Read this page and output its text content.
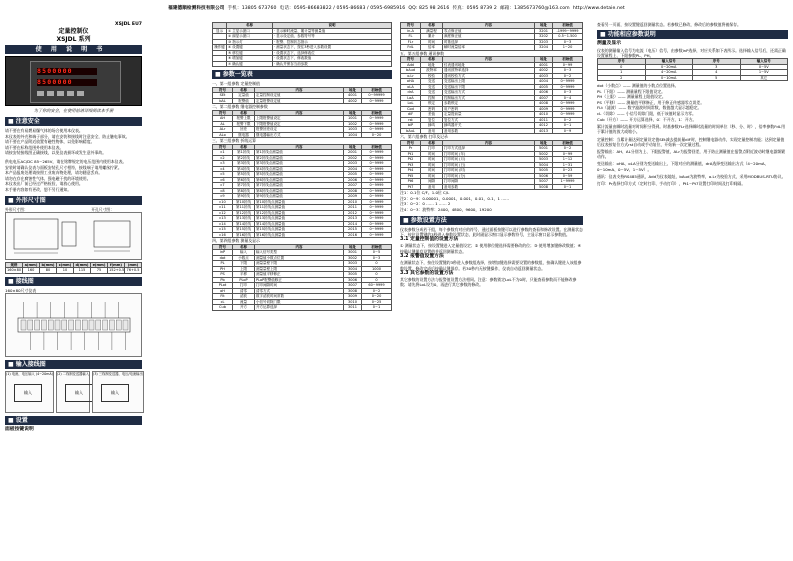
福建德顺检测科技有限公司 手机：13805 673760 电话：0595-86683822 / 0595-86683 / 0595-6985916 QQ: 825 98 2616 传真：0595 8739 2 邮箱：1385673760@163.com http://www.detaie.net
XSJDL EU7
定量控制仪
XSJDL 系列
使用说明书
8500000
8500000
为了你的安全，在使用前请详细阅读本手册
■ 注意安全
请不要在有易燃易爆气体的场合使用本仪表。
本仪表的外壳和端子部分，请在安装和接线时注意安全，防止触电事故。
请不要在产品附近放置有磁性物体，以免影响精度。
请不要在标称范围外使用本仪表。
请按安装接线图正确接线，以免仪表损坏或发生意外事故。
供电电压AC/DC 85~265V，请在铭牌规定的电压范围内使用本仪表。
安装时请确认仪表与面板安装孔尺寸相符，接线端子请用螺丝拧紧。
本产品报废处理请按照工业废弃物处理，请勿随意丢弃。
请勿在存在腐蚀性气体、强电磁干扰的环境使用。
本仪表出厂前已经过严格检验，请放心使用。
本手册内容如有更改，恕不另行通知。
■ 外形尺寸图
外形尺寸图：	开孔尺寸图：
规格	a(mm)	b(mm)	c(mm)	d(mm)	e(mm)	f(mm)	(mm)
160×80	160	80	10	115	75	152+0.5	76+0.5
■ 接线图
160×80尺寸仪表
■ 输入接线图
(1) 电流、电压输入 (4~20mA)
输入
(2) 二线制变送器输入
输入
(3) 三线制变送器，电压/电流输出
输入
■ 设置
面板按键说明
	名称	说明
显示	① 主显示窗口	· 显示瞬时流量、累计量等测量值
	② 副显示窗口	· 显示设定值、参数符号等
	③ 指示灯	· 报警、控制状态指示
操作键	④ 设置键	· 测量状态下，按住3秒进入参数设置
	⑤ 移位键	· 设置状态下，选择修改位
	⑥ 增加键	· 设置状态下，修改数值
	⑦ 确认键	· 确认并保存当前参数
■ 参数一览表
一、第一组参数 定量控制值
符号	名称	内容	地址	初始值
SEt	定量值	定量控制设定值	4001	0~99999
bAL	报警值	定量报警设定值	4002	0~9999
二、第二组参数 继电器控制参数
符号	名称	内容	地址	初始值
AH	报警上限	上限报警值设定	1001	0~9999
AL	报警下限	下限报警值设定	1002	0~9999
ALr	回差	报警回差设定	1003	0~9999
ALo	继电器	继电器输出方式	1004	0~20
三、第三组参数 折线运算
符号	名称	内容	地址	初始值
c1	第1折线	第1折线点测量值	2001	0~9999
c2	第2折线	第2折线点测量值	2002	0~9999
c3	第3折线	第3折线点测量值	2003	0~9999
c4	第4折线	第4折线点测量值	2004	0~9999
c5	第5折线	第5折线点测量值	2005	0~9999
c6	第6折线	第6折线点测量值	2006	0~9999
c7	第7折线	第7折线点测量值	2007	0~9999
c8	第8折线	第8折线点测量值	2008	0~9999
c9	第9折线	第9折线点测量值	2009	0~9999
c10	第10折线	第10折线点测量值	2010	0~9999
c11	第11折线	第11折线点测量值	2011	0~9999
c12	第12折线	第12折线点测量值	2012	0~9999
c13	第13折线	第13折线点测量值	2013	0~9999
c14	第14折线	第14折线点测量值	2014	0~9999
c15	第15折线	第15折线点测量值	2015	0~9999
c16	第16折线	第16折线点测量值	2016	0~9999
四、第四组参数 测量及显示
符号	名称	内容	地址	初始值
inP	输入	输入信号类型	3001	0~5
dot	小数点	测量值小数点位置	3002	0~3
PL	下限	测量量程下限	3003	0
PH	上限	测量量程上限	3004	1000
PS	平移	测量值平移修正	3005	0
Pb	PLoP	PLoP报警值修正	3006	0
PLot	打印	打印间隔时间	3007	60~9999
oH	清零	清零方式	3008	0~2
Flt	滤波	数字滤波时间常数	3009	0~20
cL	流量	小信号切除门限	3010	0~25
Cub	开方	开方运算选择	3011	0~1
符号	名称	内容	地址	初始值
in-A	满量程	零点修正值	3201	-1999~9999
FL	累计	满度修正值	3202	0.5~1.500
FLr	时间	时基选择	3203	0~3
FdL	倍率	瞬时流量倍率	3204	1~20
五、第五组参数 通讯参数
符号	名称	内容	地址	初始值
Add	地址	仪表通讯地址	4001	0~99
bAud	波特率	通讯波特率选择	4002	0~3
o.Lr	校验	通讯校验方式	4003	0~2
oHA	变送	变送输出上限	4004	0~9999
oLA	变送	变送输出下限	4005	0~9999
drA	变送	变送输出方式	4006	0~3
LoA	控制	控制输出方式	4007	0~4
LoL	锁定	参数锁定	4008	0~9999
Cod	密码	用户密码	4009	0~9999
diF	差值	定量提前量	4010	0~9999
rst	复位	复位方式	4011	0~2
biP	蜂鸣	蜂鸣器开关	4012	0~1
bAuL	备用	备用参数	4013	0~9
六、第六组参数 打印及记录
符号	名称	内容	地址	初始值
Pr	打印	打印方式选择	5001	0~2
Pt1	时间	打印时间 (年)	5002	0~99
Pt2	时间	打印时间 (月)	5003	1~12
Pt3	时间	打印时间 (日)	5004	1~31
Pt4	时间	打印时间 (时)	5005	0~23
Pt5	时间	打印时间 (分)	5006	0~59
Pt6	间隔	打印间隔	5007	1~9999
Pt7	备用	备用参数	5008	0~1
注1：0.1位 C/F。1.0位 C/L
注2：0~9：0.00001，0.0001，0.001，0.01，0.1，1 ……
注3：0~2：0 …… 1 …… 2
注4：0~3：波特率：2400，4800，9600，19200
■ 参数设置方法
仪表参数分成若干组，每个参数有对应的符号，通过面板按键可以进行参数的查看和修改设置。在测量状态下，按住设置键约3秒进入参数设置状态，此时副显示窗口显示参数符号，主显示窗口显示参数值。
3.1 定量控制值的设置方法
① 测量状态下，按设置键进入定量值设定；② 使用移位键选择需要修改的位；③ 使用增加键修改数值；④ 按确认键保存设置值并返回测量状态。
3.2 报警值设置方法
在测量状态下，按住设置键约3秒进入参数组选择，按增加键选择需要设置的参数组，按确认键进入该组参数设置。修改完成后按确认键保存。若30秒内无按键操作，仪表自动返回测量状态。
3.3 其它参数的设置方法
其它参数的设置方法与报警值设置方法相同。注意：参数锁定LoL不为0时，只能查看参数而不能修改参数；请先将LoL设为0，再进行其它参数的修改。
查看另一页面，按设置键返回测量状态。若参数已修改，修改后的参数值将被保存。
■ 功能相应参数说明
测量及显示
仪表的测量输入信号为电流（电压）信号，由参数inP选择，对应关系如下表所示。选择输入信号后，还需正确设置量程上、下限参数PL、PH。
序号	输入信号	序号	输入信号
0	0~20mA	3	0~5V
1	4~20mA	4	1~5V
2	0~10mA	5	其它
dot（小数点）—— 测量值的小数点位置选择。
PL（下限）—— 测量量程下限值设定。
PH（上限）—— 测量量程上限值设定。
PS（平移）—— 测量值平移修正，用于修正传感器零点误差。
FLt（滤波）—— 数字滤波时间常数，数值越大显示越稳定。
cL（切除）—— 小信号切除门限，低于该值时显示为零。
Cub（开方）—— 开方运算选择，0：不开方，1：开方。
累计流量由瞬时流量对时间积分得到。时基参数FLr选择瞬时流量的时间单位（秒、分、时），倍率参数FdL用于累计值的放大或缩小。
定量控制：当累计量达到定量设定值SEt减去提前量diF时，控制继电器动作，实现定量控制功能；达到定量值后仪表按复位方式rst自动或手动复位，开始新一次定量过程。
报警输出：AH、AL分别为上、下限报警值，ALr为报警回差，用于防止测量值在报警点附近波动时继电器频繁动作。
变送输出：oHA、oLA分别为变送输出上、下限对应的测量值，drA选择变送输出方式（4~20mA、0~10mA、0~5V、1~5V）。
通讯：仪表支持RS485通讯，Add为仪表地址，bAud为波特率，o.Lr为校验方式，采用MODBUS-RTU协议。
打印：Pr选择打印方式（定时打印、手动打印），Pt1~Pt7设置打印时间及打印间隔。
